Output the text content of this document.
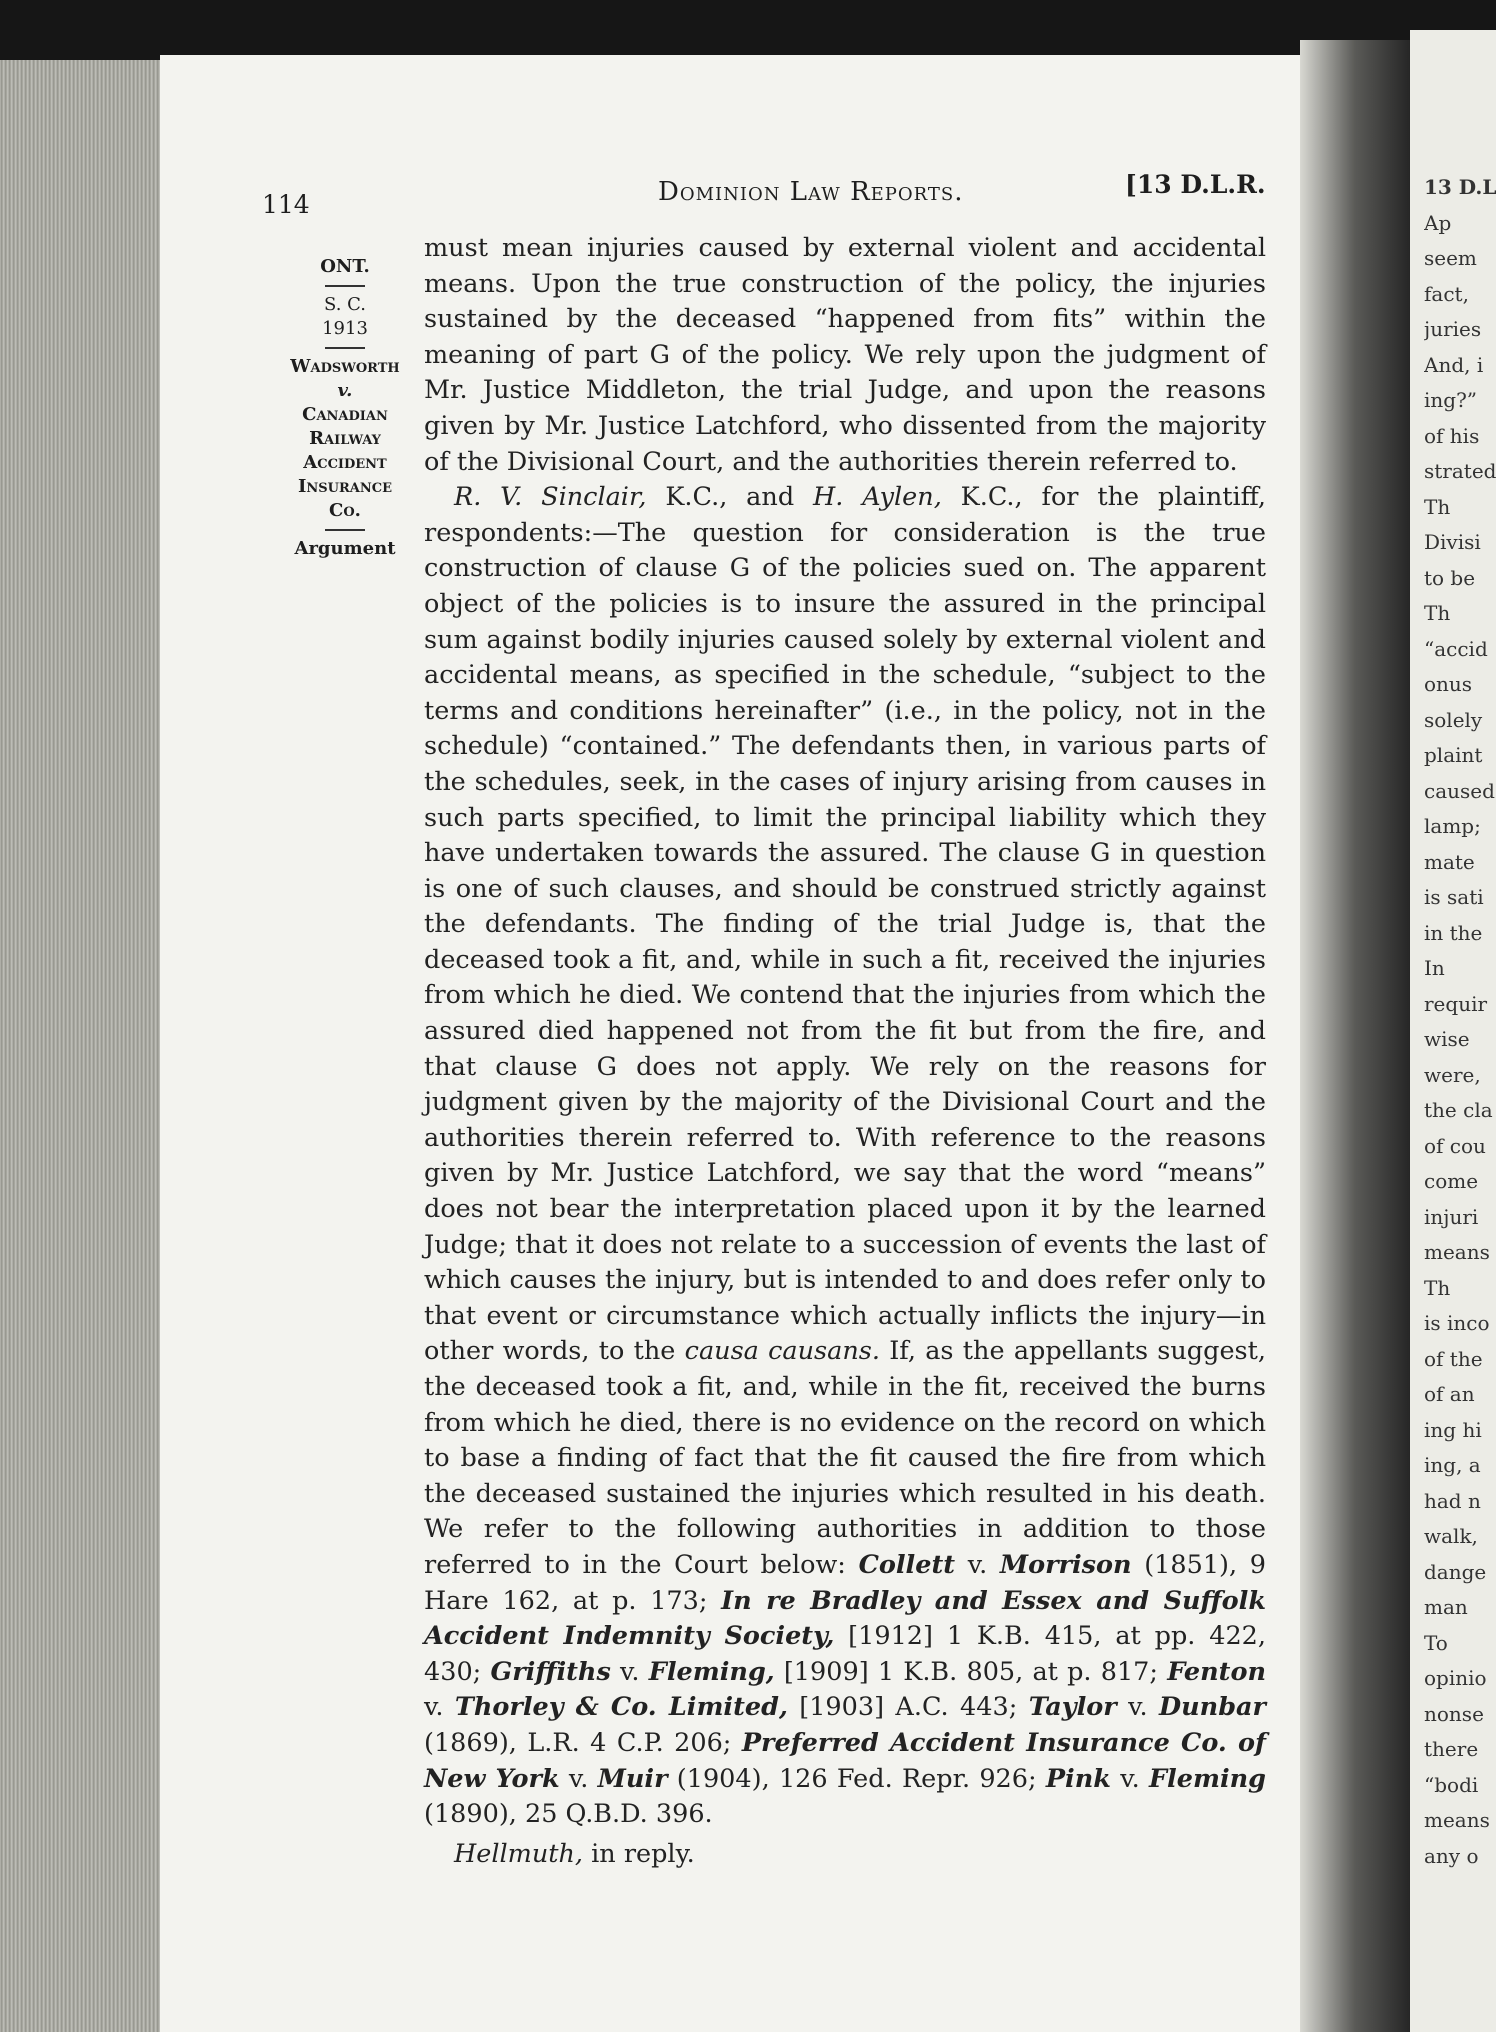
114	Dominion Law Reports.	[13 D.L.R.
ONT.
S. C.
1913
Wadsworth
v.
Canadian
Railway
Accident
Insurance
Co.
Argument

must mean injuries caused by external violent and accidental means. Upon the true construction of the policy, the injuries sustained by the deceased “happened from fits” within the meaning of part G of the policy. We rely upon the judgment of Mr. Justice Middleton, the trial Judge, and upon the reasons given by Mr. Justice Latchford, who dissented from the majority of the Divisional Court, and the authorities therein referred to.

R. V. Sinclair, K.C., and H. Aylen, K.C., for the plaintiff, respondents:—The question for consideration is the true construction of clause G of the policies sued on. The apparent object of the policies is to insure the assured in the principal sum against bodily injuries caused solely by external violent and accidental means, as specified in the schedule, “subject to the terms and conditions hereinafter” (i.e., in the policy, not in the schedule) “contained.” The defendants then, in various parts of the schedules, seek, in the cases of injury arising from causes in such parts specified, to limit the principal liability which they have undertaken towards the assured. The clause G in question is one of such clauses, and should be construed strictly against the defendants. The finding of the trial Judge is, that the deceased took a fit, and, while in such a fit, received the injuries from which he died. We contend that the injuries from which the assured died happened not from the fit but from the fire, and that clause G does not apply. We rely on the reasons for judgment given by the majority of the Divisional Court and the authorities therein referred to. With reference to the reasons given by Mr. Justice Latchford, we say that the word “means” does not bear the interpretation placed upon it by the learned Judge; that it does not relate to a succession of events the last of which causes the injury, but is intended to and does refer only to that event or circumstance which actually inflicts the injury—in other words, to the causa causans. If, as the appellants suggest, the deceased took a fit, and, while in the fit, received the burns from which he died, there is no evidence on the record on which to base a finding of fact that the fit caused the fire from which the deceased sustained the injuries which resulted in his death. We refer to the following authorities in addition to those referred to in the Court below: Collett v. Morrison (1851), 9 Hare 162, at p. 173; In re Bradley and Essex and Suffolk Accident Indemnity Society, [1912] 1 K.B. 415, at pp. 422, 430; Griffiths v. Fleming, [1909] 1 K.B. 805, at p. 817; Fenton v. Thorley & Co. Limited, [1903] A.C. 443; Taylor v. Dunbar (1869), L.R. 4 C.P. 206; Preferred Accident Insurance Co. of New York v. Muir (1904), 126 Fed. Repr. 926; Pink v. Fleming (1890), 25 Q.B.D. 396.

Hellmuth, in reply.

13 D.L
Ap
seem
fact,
juries
And, i
ing?”
of his
strated
Th
Divisi
to be
Th
“accid
onus
solely
plaint
caused
lamp;
mate
is sati
in the
In
requir
wise
were,
the cla
of cou
come
injuri
means
Th
is inco
of the
of an
ing hi
ing, a
had n
walk,
dange
man
To
opinio
nonse
there
“bodi
means
any o
